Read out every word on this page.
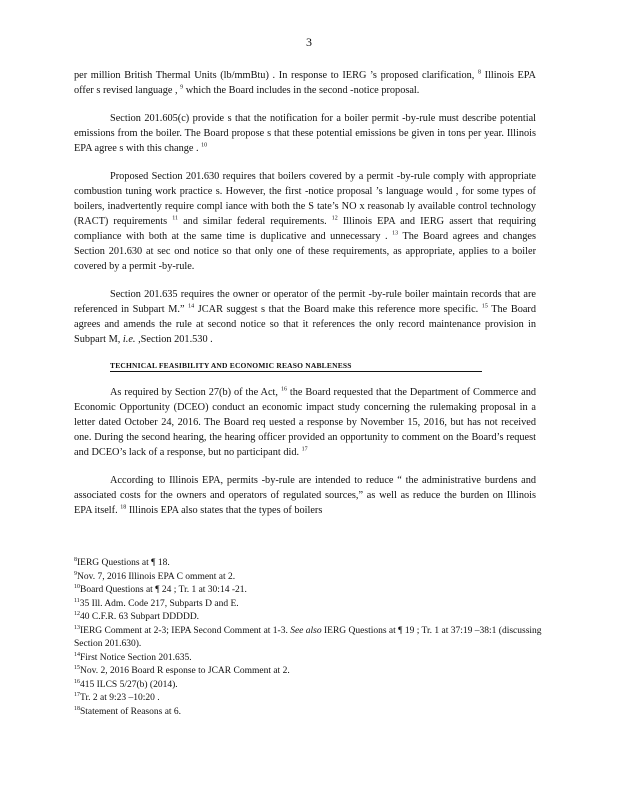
3

per million British Thermal Units (lb/mmBtu) . In response to IERG ’s proposed clarification, $^8$ Illinois EPA offer s revised language , $^9$ which the Board includes in the second -notice proposal.

Section 201.605(c) provide s that the notification for a boiler permit -by-rule must describe potential emissions from the boiler. The Board propose s that these potential emissions be given in tons per year. Illinois EPA agree s with this change . $^{10}$

Proposed Section 201.630 requires that boilers covered by a permit -by-rule comply with appropriate combustion tuning work practice s. However, the first -notice proposal ’s language would , for some types of boilers, inadvertently require compl iance with both the S tate’s NO x reasonab ly available control technology (RACT) requirements $^{11}$ and similar federal requirements. $^{12}$ Illinois EPA and IERG assert that requiring compliance with both at the same time is duplicative and unnecessary . $^{13}$ The Board agrees and changes Section 201.630 at sec ond notice so that only one of these requirements, as appropriate, applies to a boiler covered by a permit -by-rule.

Section 201.635 requires the owner or operator of the permit -by-rule boiler maintain records that are referenced in Subpart M.” $^{14}$ JCAR suggest s that the Board make this reference more specific. $^{15}$ The Board agrees and amends the rule at second notice so that it references the only record maintenance provision in Subpart M, i.e. ,Section 201.530 .

TECHNICAL FEASIBILITY AND ECONOMIC REASO NABLENESS

As required by Section 27(b) of the Act, $^{16}$ the Board requested that the Department of Commerce and Economic Opportunity (DCEO) conduct an economic impact study concerning the rulemaking proposal in a letter dated October 24, 2016. The Board req uested a response by November 15, 2016, but has not received one. During the second hearing, the hearing officer provided an opportunity to comment on the Board’s request and DCEO’s lack of a response, but no participant did. $^{17}$

According to Illinois EPA, permits -by-rule are intended to reduce “ the administrative burdens and associated costs for the owners and operators of regulated sources,” as well as reduce the burden on Illinois EPA itself. $^{18}$ Illinois EPA also states that the types of boilers

$^8$IERG Questions at ¶ 18.
$^9$Nov. 7, 2016 Illinois EPA C omment at 2.
$^{10}$Board Questions at ¶ 24 ; Tr. 1 at 30:14 -21.
$^{11}$35 Ill. Adm. Code 217, Subparts D and E.
$^{12}$40 C.F.R. 63 Subpart DDDDD.
$^{13}$IERG Comment at 2-3; IEPA Second Comment at 1-3. See also IERG Questions at ¶ 19 ; Tr. 1 at 37:19 –38:1 (discussing Section 201.630).
$^{14}$First Notice Section 201.635.
$^{15}$Nov. 2, 2016 Board R esponse to JCAR Comment at 2.
$^{16}$415 ILCS 5/27(b) (2014).
$^{17}$Tr. 2 at 9:23 –10:20 .
$^{18}$Statement of Reasons at 6.
